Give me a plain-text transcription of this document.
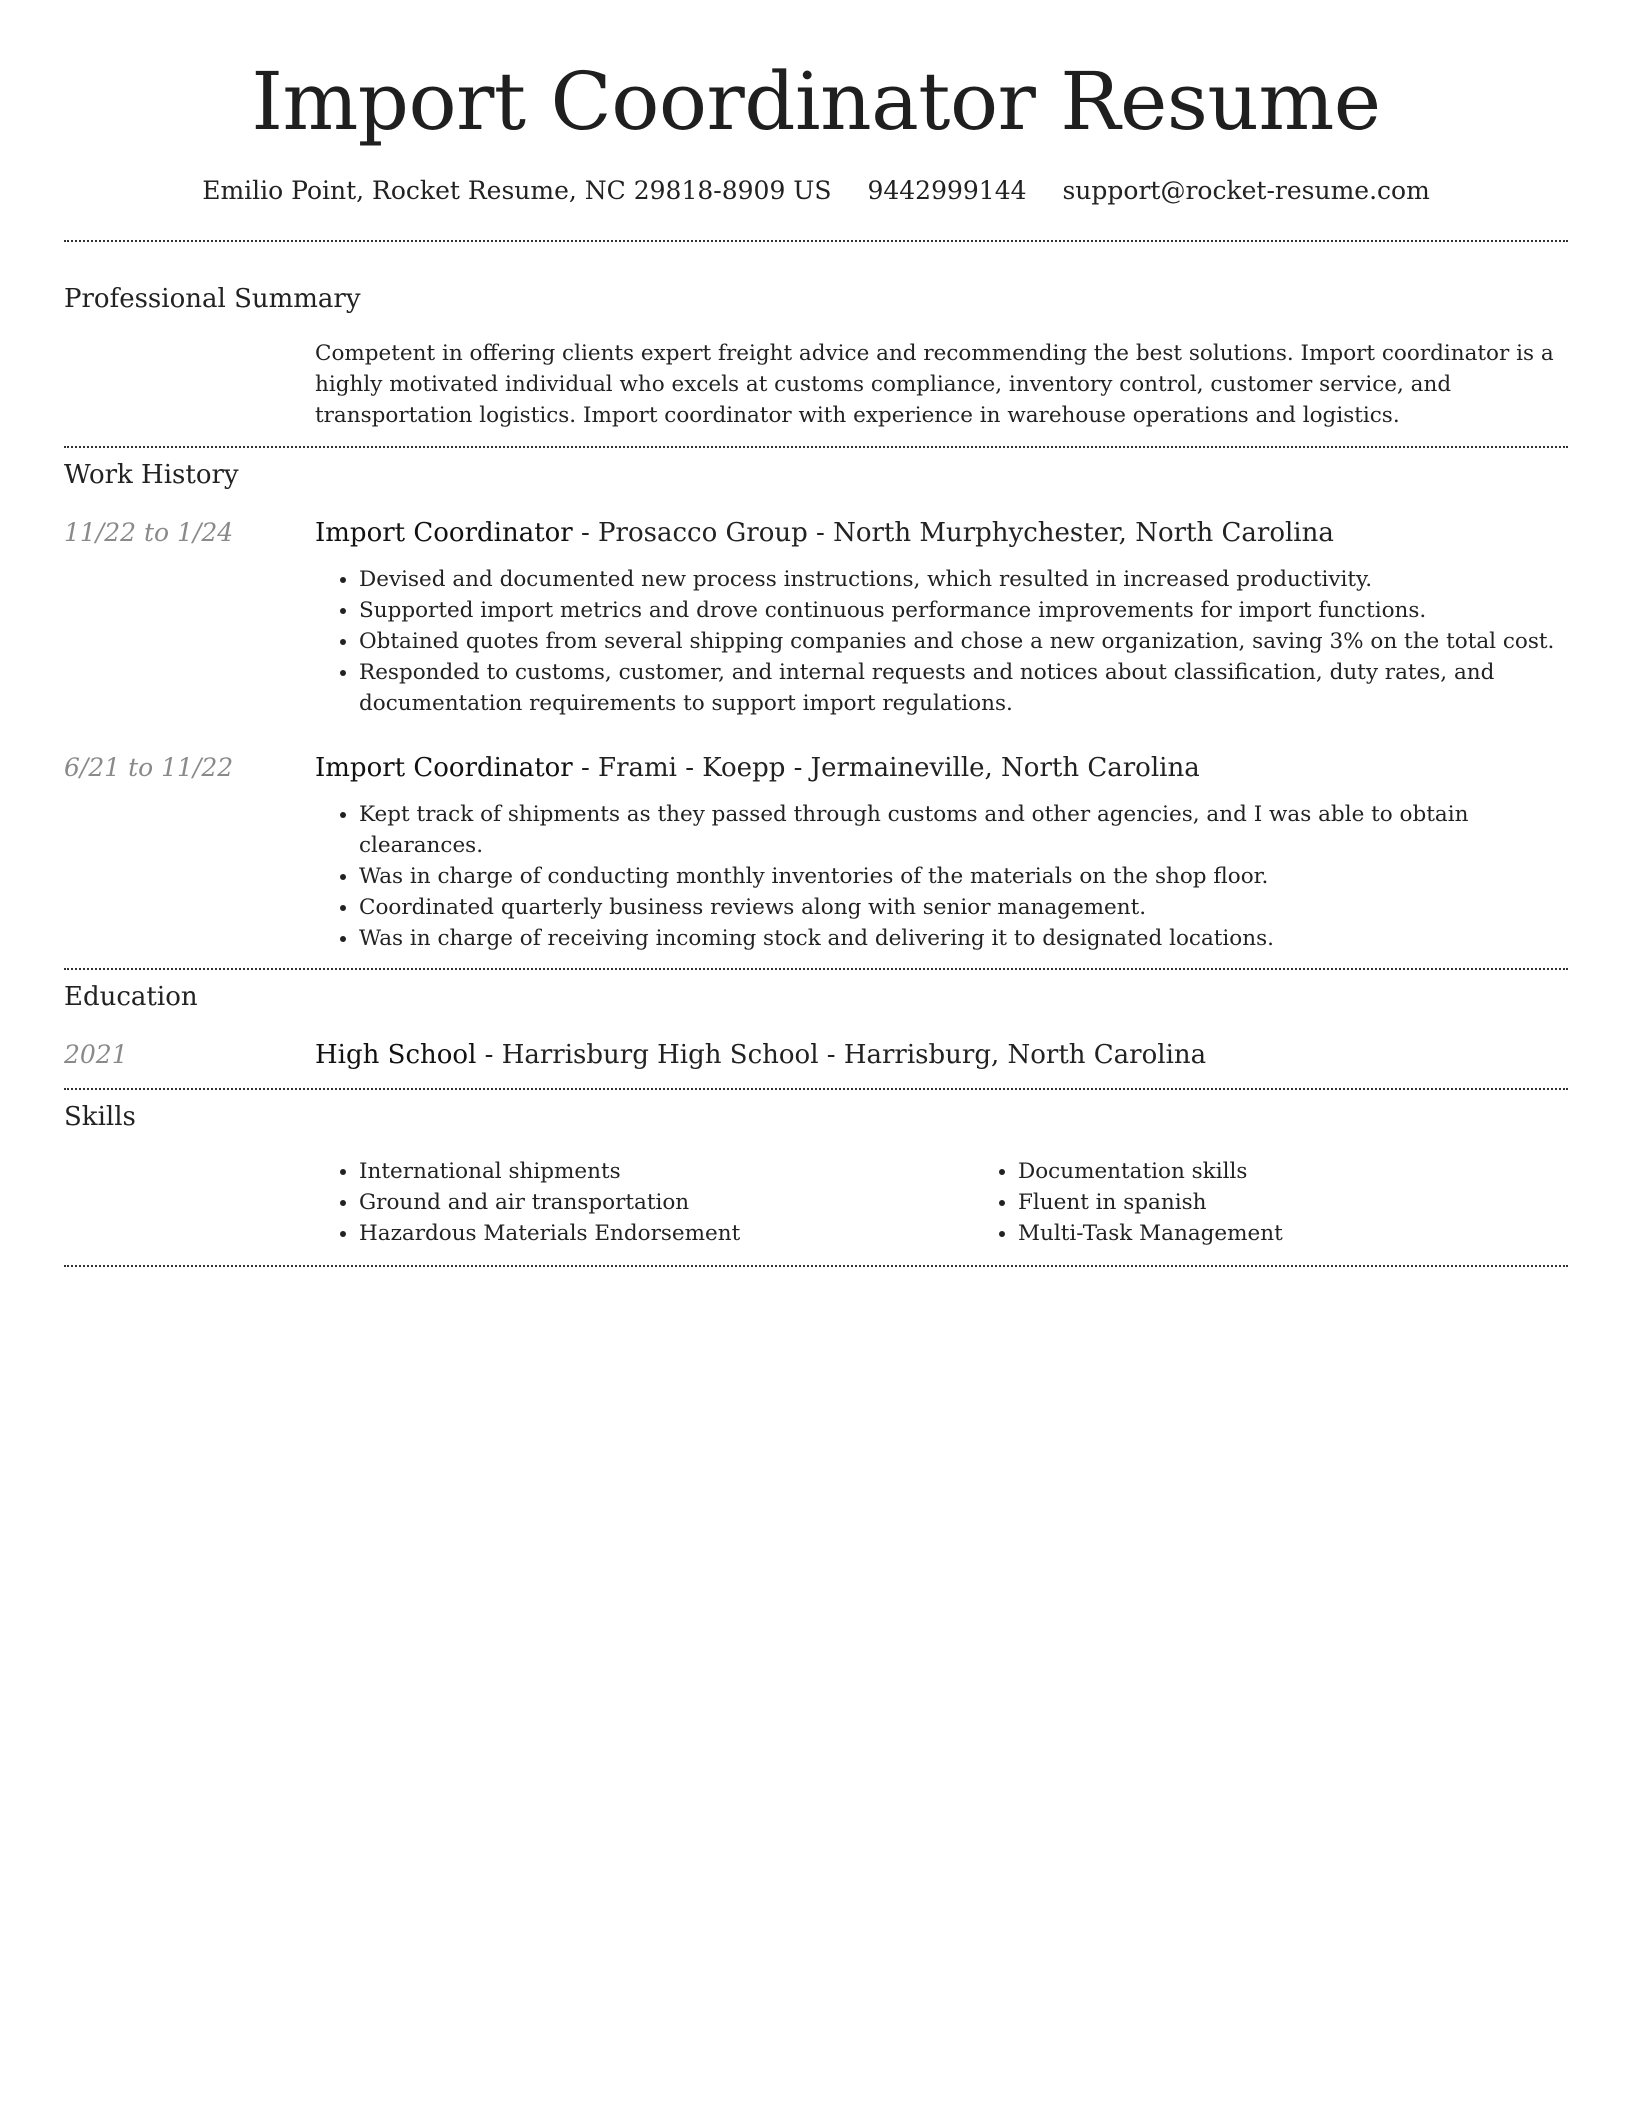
Import Coordinator Resume
Emilio Point, Rocket Resume, NC 29818-8909 US 9442999144 support@rocket-resume.com
Professional Summary
Competent in offering clients expert freight advice and recommending the best solutions. Import coordinator is a highly motivated individual who excels at customs compliance, inventory control, customer service, and transportation logistics. Import coordinator with experience in warehouse operations and logistics.
Work History
11/22 to 1/24	Import Coordinator - Prosacco Group - North Murphychester, North Carolina
• Devised and documented new process instructions, which resulted in increased productivity.
• Supported import metrics and drove continuous performance improvements for import functions.
• Obtained quotes from several shipping companies and chose a new organization, saving 3% on the total cost.
• Responded to customs, customer, and internal requests and notices about classification, duty rates, and documentation requirements to support import regulations.
6/21 to 11/22	Import Coordinator - Frami - Koepp - Jermaineville, North Carolina
• Kept track of shipments as they passed through customs and other agencies, and I was able to obtain clearances.
• Was in charge of conducting monthly inventories of the materials on the shop floor.
• Coordinated quarterly business reviews along with senior management.
• Was in charge of receiving incoming stock and delivering it to designated locations.
Education
2021	High School - Harrisburg High School - Harrisburg, North Carolina
Skills
• International shipments
• Ground and air transportation
• Hazardous Materials Endorsement
• Documentation skills
• Fluent in spanish
• Multi-Task Management
